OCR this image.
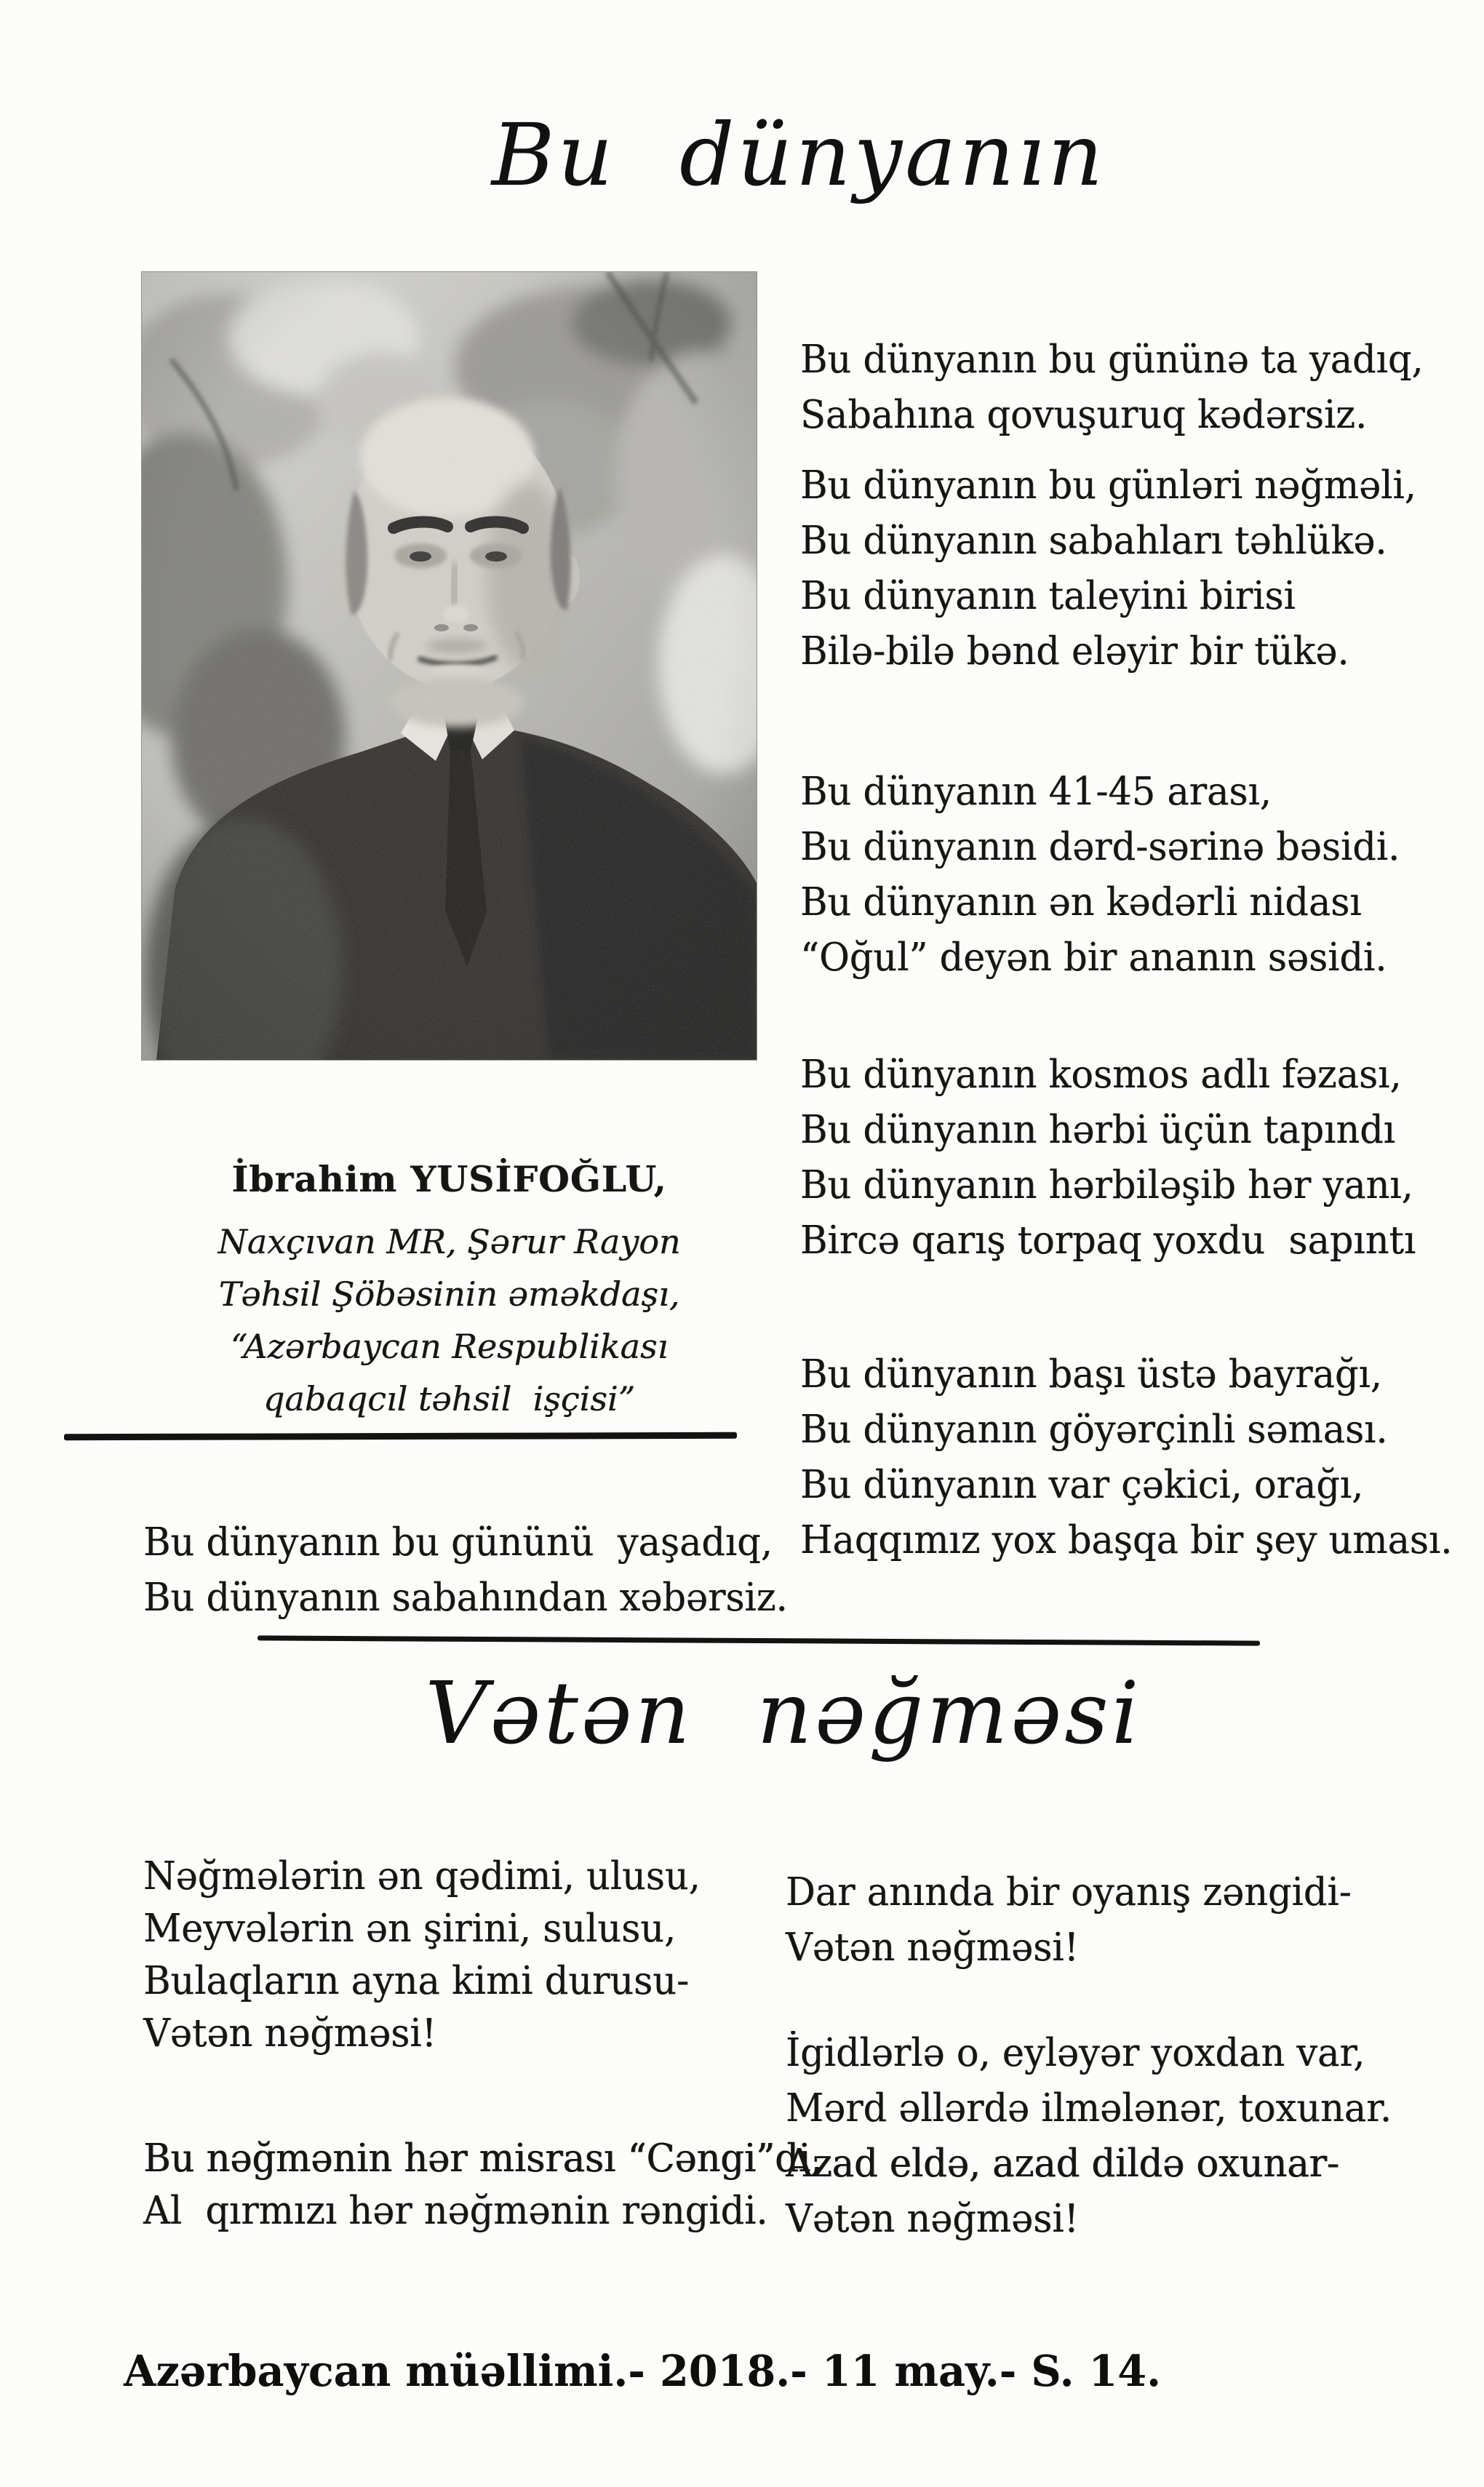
Bu dünyanın
İbrahim YUSİFOĞLU,
Naxçıvan MR, Şərur Rayon
Təhsil Şöbəsinin əməkdaşı,
“Azərbaycan Respublikası
qabaqcıl təhsil  işçisi”
Bu dünyanın bu gününü  yaşadıq,
Bu dünyanın sabahından xəbərsiz.
Bu dünyanın bu gününə ta yadıq,
Sabahına qovuşuruq kədərsiz.
Bu dünyanın bu günləri nəğməli,
Bu dünyanın sabahları təhlükə.
Bu dünyanın taleyini birisi
Bilə-bilə bənd eləyir bir tükə.
Bu dünyanın 41-45 arası,
Bu dünyanın dərd-sərinə bəsidi.
Bu dünyanın ən kədərli nidası
“Oğul” deyən bir ananın səsidi.
Bu dünyanın kosmos adlı fəzası,
Bu dünyanın hərbi üçün tapındı
Bu dünyanın hərbiləşib hər yanı,
Bircə qarış torpaq yoxdu  sapıntı
Bu dünyanın başı üstə bayrağı,
Bu dünyanın göyərçinli səması.
Bu dünyanın var çəkici, orağı,
Haqqımız yox başqa bir şey uması.
Vətən nəğməsi
Nəğmələrin ən qədimi, ulusu,
Meyvələrin ən şirini, sulusu,
Bulaqların ayna kimi durusu-
Vətən nəğməsi!
Bu nəğmənin hər misrası “Cəngi”di,
Al  qırmızı hər nəğmənin rəngidi.
Dar anında bir oyanış zəngidi-
Vətən nəğməsi!
İgidlərlə o, eyləyər yoxdan var,
Mərd əllərdə ilmələnər, toxunar.
Azad eldə, azad dildə oxunar-
Vətən nəğməsi!
Azərbaycan müəllimi.- 2018.- 11 may.- S. 14.
